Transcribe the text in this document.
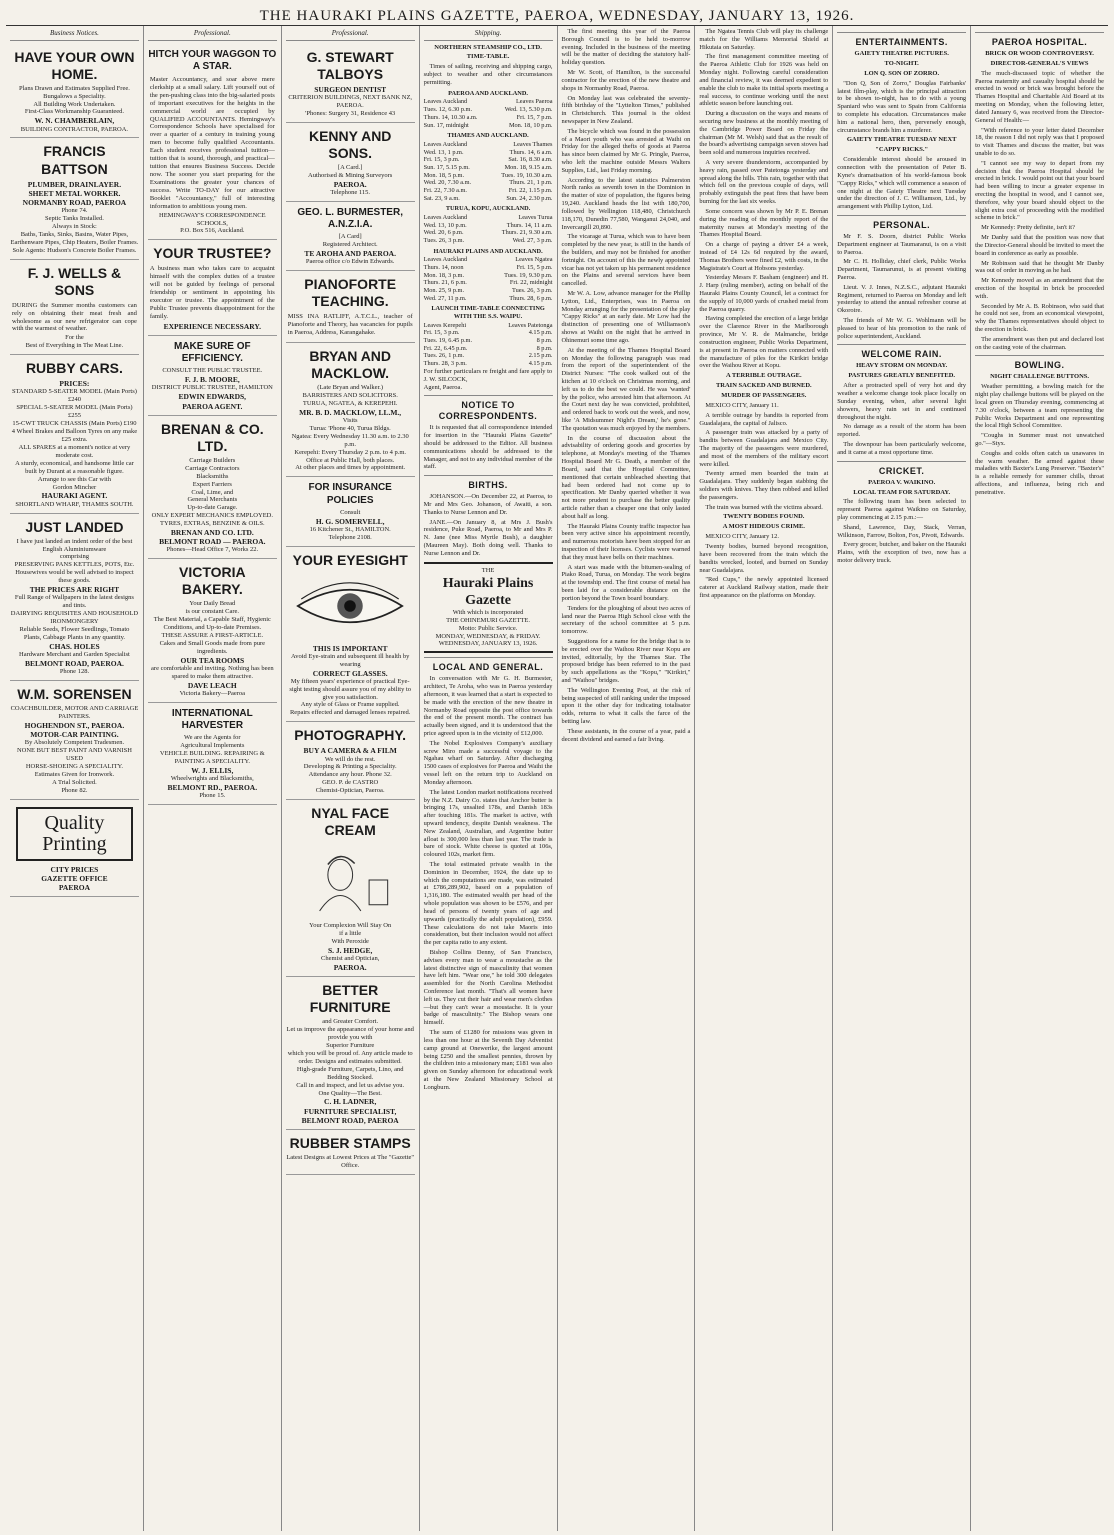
THE HAURAKI PLAINS GAZETTE, PAEROA, WEDNESDAY, JANUARY 13, 1926.
Business Notices.
HAVE YOUR OWN HOME.
Plans Drawn and Estimates Supplied Free.
Bungalows a Speciality.
All Building Work Undertaken.
First-Class Workmanship Guaranteed.
W. N. CHAMBERLAIN,
BUILDING CONTRACTOR, PAEROA.
FRANCIS BATTSON
PLUMBER, DRAINLAYER.
SHEET METAL WORKER.
NORMANBY ROAD, PAEROA
Phone 74.
Septic Tanks Installed.
Always in Stock:
Baths, Tanks, Sinks, Basins, Water Pipes, Earthenware Pipes, Chip Heaters, Boiler Frames.
Sole Agents: Hudson's Concrete Boiler Frames.
F. J. WELLS & SONS
DURING the Summer months customers can rely on obtaining their meat fresh and wholesome as our new refrigerator can cope with the warmest of weather.
For the
Best of Everything in The Meat Line.
RUBBY CARS.
PRICES:
STANDARD 5-SEATER MODEL (Main Ports) £240
SPECIAL 5-SEATER MODEL (Main Ports) £255
15-CWT TRUCK CHASSIS (Main Ports) £190
4 Wheel Brakes and Balloon Tyres on any make £25 extra.
ALL SPARES at a moment's notice at very moderate cost.
A sturdy, economical, and handsome little car built by Durant at a reasonable figure.
Arrange to see this Car with
Gordon Mincher
HAURAKI AGENT.
SHORTLAND WHARF, THAMES SOUTH.
JUST LANDED
I have just landed an indent order of the best
English Aluminiumware
comprising
PRESERVING PANS KETTLES, POTS, Etc.
Housewives would be well advised to inspect these goods.
THE PRICES ARE RIGHT
Full Range of Wallpapers in the latest designs and tints.
DAIRYING REQUISITES AND HOUSEHOLD IRONMONGERY
Reliable Seeds, Flower Seedlings, Tomato Plants, Cabbage Plants in any quantity.
CHAS. HOLES
Hardware Merchant and Garden Specialist
BELMONT ROAD, PAEROA.
Phone 128.
W.M. SORENSEN
COACHBUILDER, MOTOR AND CARRIAGE PAINTERS.
HOGHENDON ST., PAEROA.
MOTOR-CAR PAINTING.
By Absolutely Competent Tradesmen.
NONE BUT BEST PAINT AND VARNISH USED
HORSE-SHOEING A SPECIALITY.
Estimates Given for Ironwork.
A Trial Solicited.
Phone 82.
Quality Printing
CITY PRICES
GAZETTE OFFICE
PAEROA
Professional.
HITCH YOUR WAGGON TO A STAR.
Master Accountancy, and soar above mere clerkship at a small salary. Lift yourself out of the pen-pushing class into the big-salaried posts of important executives for the heights in the commercial world are occupied by QUALIFIED ACCOUNTANTS. Hemingway's Correspondence Schools have specialised for over a quarter of a century in training young men to become fully qualified Accountants. Each student receives professional tuition—tuition that is sound, thorough, and practical—tuition that ensures Business Success. Decide now. The sooner you start preparing for the Examinations the greater your chances of success. Write TO-DAY for our attractive Booklet "Accountancy," full of interesting information to ambitious young men.
HEMINGWAY'S CORRESPONDENCE SCHOOLS,
P.O. Box 516, Auckland.
YOUR TRUSTEE?
A business man who takes care to acquaint himself with the complex duties of a trustee will not be guided by feelings of personal friendship or sentiment in appointing his executor or trustee. The appointment of the Public Trustee prevents disappointment for the family.
EXPERIENCE NECESSARY.
MAKE SURE OF EFFICIENCY.
CONSULT THE PUBLIC TRUSTEE.
F. J. B. MOORE,
DISTRICT PUBLIC TRUSTEE, HAMILTON
EDWIN EDWARDS,
PAEROA AGENT.
BRENAN & CO. LTD.
Carriage Builders
Carriage Contractors
Blacksmiths
Expert Farriers
Coal, Lime, and
General Merchants
Up-to-date Garage.
ONLY EXPERT MECHANICS EMPLOYED.
TYRES, EXTRAS, BENZINE & OILS.
BRENAN AND CO. LTD.
BELMONT ROAD — PAEROA.
Phones—Head Office 7, Works 22.
VICTORIA BAKERY.
Your Daily Bread
is our constant Care.
The Best Material, a Capable Staff, Hygienic Conditions, and Up-to-date Premises.
THESE ASSURE A FIRST-ARTICLE.
Cakes and Small Goods made from pure ingredients.
OUR TEA ROOMS
are comfortable and inviting. Nothing has been spared to make them attractive.
DAVE LEACH
Victoria Bakery—Paeroa
INTERNATIONAL HARVESTER
We are the Agents for
Agricultural Implements
VEHICLE BUILDING. REPAIRING & PAINTING A SPECIALITY.
W. J. ELLIS,
Wheelwrights and Blacksmiths,
BELMONT RD., PAEROA.
Phone 15.
Professional.
G. STEWART TALBOYS
SURGEON DENTIST
CRITERION BUILDINGS, NEXT BANK NZ, PAEROA.
'Phones: Surgery 31, Residence 43
KENNY AND SONS.
[A Card.]
Authorised & Mining Surveyors
PAEROA.
Telephone 115.
GEO. L. BURMESTER, A.N.Z.I.A.
[A Card]
Registered Architect.
TE AROHA AND PAEROA.
Paeroa office c/o Edwin Edwards.
PIANOFORTE TEACHING.
MISS INA RATLIFF, A.T.C.L., teacher of Pianoforte and Theory, has vacancies for pupils in Paeroa, Address, Karangahake.
BRYAN AND MACKLOW.
(Late Bryan and Walker.)
BARRISTERS AND SOLICITORS.
TURUA, NGATEA, & KEREPEHI.
MR. B. D. MACKLOW, LL.M.,
Visits
Turua: 'Phone 40, Turua Bldgs.
Ngatea: Every Wednesday 11.30 a.m. to 2.30 p.m.
Kerepehi: Every Thursday 2 p.m. to 4 p.m.
Office at Public Hall, both places.
At other places and times by appointment.
FOR INSURANCE POLICIES
Consult
H. G. SOMERVELL,
16 Kitchener St., HAMILTON.
Telephone 2108.
YOUR EYESIGHT
THIS IS IMPORTANT
Avoid Eye-strain and subsequent ill health by wearing
CORRECT GLASSES.
My fifteen years' experience of practical Eye-sight testing should assure you of my ability to give you satisfaction.
Any style of Glass or Frame supplied.
Repairs effected and damaged lenses repaired.
PHOTOGRAPHY.
BUY A CAMERA & A FILM
We will do the rest.
Developing & Printing a Speciality.
Attendance any hour. Phone 32.
GEO. P. de CASTRO
Chemist-Optician, Paeroa.
NYAL FACE CREAM
Your Complexion Will Stay On
if a little
With Peroxide
S. J. HEDGE,
Chemist and Optician,
PAEROA.
BETTER FURNITURE
and Greater Comfort.
Let us improve the appearance of your home and provide you with
Superior Furniture
which you will be proud of. Any article made to order. Designs and estimates submitted.
High-grade Furniture, Carpets, Lino, and Bedding Stocked.
Call in and inspect, and let us advise you.
One Quality—The Best.
C. H. LADNER,
FURNITURE SPECIALIST,
BELMONT ROAD, PAEROA
RUBBER STAMPS
Latest Designs at Lowest Prices at The "Gazette" Office.
Shipping.
NORTHERN STEAMSHIP CO., LTD.
TIME-TABLE.
Times of sailing, receiving and shipping cargo, subject to weather and other circumstances permitting.
PAEROA AND AUCKLAND.
Leaves Auckland	Leaves Paeroa
Tues. 12, 6.30 p.m.	Wed. 13, 5.30 p.m.
Thurs. 14, 10.30 a.m.	Fri. 15, 7 p.m.
Sun. 17, midnight	Mon. 18, 10 p.m.
THAMES AND AUCKLAND.
Leaves Auckland	Leaves Thames
Wed. 13, 1 p.m.	Thurs. 14, 6 a.m.
Fri. 15, 3 p.m.	Sat. 16, 8.30 a.m.
Sun. 17, 5.15 p.m.	Mon. 18, 9.15 a.m.
Mon. 18, 5 p.m.	Tues. 19, 10.30 a.m.
Wed. 20, 7.30 a.m.	Thurs. 21, 1 p.m.
Fri. 22, 7.30 a.m.	Fri. 22, 1.15 p.m.
Sat. 23, 9 a.m.	Sun. 24, 2.30 p.m.
TURUA, KOPU, AUCKLAND.
Leaves Auckland	Leaves Turua
Wed. 13, 10 p.m.	Thurs. 14, 11 a.m.
Wed. 20, 6 p.m.	Thurs. 21, 9.30 a.m.
Tues. 26, 3 p.m.	Wed. 27, 3 p.m.
HAURAKI PLAINS AND AUCKLAND.
Leaves Auckland	Leaves Ngatea
Thurs. 14, noon	Fri. 15, 5 p.m.
Mon. 18, 3 p.m.	Tues. 19, 9.30 p.m.
Thurs. 21, 6 p.m.	Fri. 22, midnight
Mon. 25, 9 p.m.	Tues. 26, 3 p.m.
Wed. 27, 11 p.m.	Thurs. 28, 6 p.m.
LAUNCH TIME-TABLE CONNECTING WITH THE S.S. WAIPU.
Leaves Kerepehi	Leaves Patetonga
Fri. 15, 3 p.m.	4.15 p.m.
Tues. 19, 6.45 p.m.	8 p.m.
Fri. 22, 6.45 p.m.	8 p.m.
Tues. 26, 1 p.m.	2.15 p.m.
Thurs. 28, 3 p.m.	4.15 p.m.
For further particulars re freight and fare apply to
J. W. SILCOCK,
Agent, Paeroa.
NOTICE TO CORRESPONDENTS.
It is requested that all correspondence intended for insertion in the "Hauraki Plains Gazette" should be addressed to the Editor. All business communications should be addressed to the Manager, and not to any individual member of the staff.
BIRTHS.
JOHANSON.—On December 22, at Paeroa, to Mr and Mrs Geo. Johanson, of Awaiti, a son. Thanks to Nurse Lennon and Dr.
JANE.—On January 8, at Mrs J. Bush's residence, Puke Road, Paeroa, to Mr and Mrs P. N. Jane (nee Miss Myrtle Bush), a daughter (Maureen May). Both doing well. Thanks to Nurse Lennon and Dr.
THE
Hauraki Plains Gazette
With which is incorporated
THE OHINEMURI GAZETTE.
Motto: Public Service.
MONDAY, WEDNESDAY, & FRIDAY.
WEDNESDAY, JANUARY 13, 1926.
LOCAL AND GENERAL.
In conversation with Mr G. H. Burmester, architect, Te Aroha, who was in Paeroa yesterday afternoon, it was learned that a start is expected to be made with the erection of the new theatre in Normanby Road opposite the post office towards the end of the present month. The contract has actually been signed, and it is understood that the price agreed upon is in the vicinity of £12,000.
The Nobel Explosives Company's auxiliary screw Miro made a successful voyage to the Ngahau wharf on Saturday. After discharging 1500 cases of explosives for Paeroa and Waihi the vessel left on the return trip to Auckland on Monday afternoon.
The latest London market notifications received by the N.Z. Dairy Co. states that Anchor butter is bringing 17s, unsalted 178s, and Danish 183s after touching 181s. The market is active, with upward tendency, despite Danish weakness. The New Zealand, Australian, and Argentine butter afloat is 300,000 less than last year. The trade is bare of stock. White cheese is quoted at 106s, coloured 102s, market firm.
The total estimated private wealth in the Dominion in December, 1924, the date up to which the computations are made, was estimated at £786,289,902, based on a population of 1,316,180. The estimated wealth per head of the whole population was shown to be £576, and per head of persons of twenty years of age and upwards (practically the adult population), £959. These calculations do not take Maoris into consideration, but their inclusion would not affect the per capita ratio to any extent.
Bishop Collins Denny, of San Francisco, advises every man to wear a moustache as the latest distinctive sign of masculinity that women have left him. "Wear one," he told 300 delegates assembled for the North Carolina Methodist Conference last month. "That's all women have left us. They cut their hair and wear men's clothes—but they can't wear a moustache. It is your badge of masculinity." The Bishop wears one himself.
The sum of £1280 for missions was given in less than one hour at the Seventh Day Adventist camp ground at Onewerike, the largest amount being £250 and the smallest pennies, thrown by the children into a missionary man; £181 was also given on Sunday afternoon for educational work at the New Zealand Missionary School at Longburn.
The first meeting this year of the Paeroa Borough Council is to be held to-morrow evening. Included in the business of the meeting will be the matter of deciding the statutory half-holiday question.
Mr W. Scott, of Hamilton, is the successful contractor for the erection of the new theatre and shops in Normanby Road, Paeroa.
On Monday last was celebrated the seventy-fifth birthday of the "Lyttelton Times," published in Christchurch. This journal is the oldest newspaper in New Zealand.
The bicycle which was found in the possession of a Maori youth who was arrested at Waihi on Friday for the alleged thefts of goods at Paeroa has since been claimed by Mr G. Pringle, Paeroa, who left the machine outside Messrs Walters Supplies, Ltd., last Friday morning.
According to the latest statistics Palmerston North ranks as seventh town in the Dominion in the matter of size of population, the figures being 19,240. Auckland heads the list with 180,700, followed by Wellington 118,480, Christchurch 118,170, Dunedin 77,580, Wanganui 24,040, and Invercargill 20,890.
The vicarage at Turua, which was to have been completed by the new year, is still in the hands of the builders, and may not be finished for another fortnight. On account of this the newly appointed vicar has not yet taken up his permanent residence on the Plains and several services have been cancelled.
Mr W. A. Low, advance manager for the Phillip Lytton, Ltd., Enterprises, was in Paeroa on Monday arranging for the presentation of the play "Cappy Ricks" at an early date. Mr Low had the distinction of presenting one of Williamson's shows at Waihi on the night that he arrived in Ohinemuri some time ago.
At the meeting of the Thames Hospital Board on Monday the following paragraph was read from the report of the superintendent of the District Nurses: "The cook walked out of the kitchen at 10 o'clock on Christmas morning, and left us to do the best we could. He was 'wanted' by the police, who arrested him that afternoon. At the Court next day he was convicted, prohibited, and ordered back to work out the week, and now, like 'A Midsummer Night's Dream,' he's gone." The quotation was much enjoyed by the members.
In the course of discussion about the advisability of ordering goods and groceries by telephone, at Monday's meeting of the Thames Hospital Board Mr G. Death, a member of the Board, said that the Hospital Committee, mentioned that certain unbleached sheeting that had been ordered had not come up to specification. Mr Danby queried whether it was not more prudent to purchase the better quality article rather than a cheaper one that only lasted about half as long.
The Hauraki Plains County traffic inspector has been very active since his appointment recently, and numerous motorists have been stopped for an inspection of their licenses. Cyclists were warned that they must have bells on their machines.
A start was made with the bitumen-sealing of Piako Road, Turua, on Monday. The work begins at the township end. The first course of metal has been laid for a considerable distance on the portion beyond the Town board boundary.
Tenders for the ploughing of about two acres of land near the Paeroa High School close with the secretary of the school committee at 5 p.m. tomorrow.
Suggestions for a name for the bridge that is to be erected over the Waihou River near Kopu are invited, editorially, by the Thames Star. The proposed bridge has been referred to in the past by such appellations as the "Kopu," "Kirikiri," and "Waihou" bridges.
The Wellington Evening Post, at the risk of being suspected of still ranking under the imposed upon it the other day for indicating totalisator odds, returns to what it calls the farce of the betting law.
These assistants, in the course of a year, paid a decent dividend and earned a fair living.
The Ngatea Tennis Club will play its challenge match for the Williams Memorial Shield at Hikutaia on Saturday.
The first management committee meeting of the Paeroa Athletic Club for 1926 was held on Monday night. Following careful consideration and financial review, it was deemed expedient to enable the club to make its initial sports meeting a real success, to continue working until the next athletic season before launching out.
During a discussion on the ways and means of securing new business at the monthly meeting of the Cambridge Power Board on Friday the chairman (Mr M. Welsh) said that as the result of the board's advertising campaign seven stoves had been sold and numerous inquiries received.
A very severe thunderstorm, accompanied by heavy rain, passed over Patetonga yesterday and spread along the hills. This rain, together with that which fell on the previous couple of days, will probably extinguish the peat fires that have been burning for the last six weeks.
Some concern was shown by Mr P. E. Brenan during the reading of the monthly report of the maternity nurses at Monday's meeting of the Thames Hospital Board.
On a charge of paying a driver £4 a week, instead of £4 12s 6d required by the award, Thomas Brothers were fined £2, with costs, in the Magistrate's Court at Hobsons yesterday.
Yesterday Messrs F. Basham (engineer) and H. J. Harp (ruling member), acting on behalf of the Hauraki Plains County Council, let a contract for the supply of 10,000 yards of crushed metal from the Paeroa quarry.
Having completed the erection of a large bridge over the Clarence River in the Marlborough province, Mr V. R. de Malmanche, bridge construction engineer, Public Works Department, is at present in Paeroa on matters connected with the manufacture of piles for the Kirikiri bridge over the Waihou River at Kopu.
A TERRIBLE OUTRAGE.
TRAIN SACKED AND BURNED.
MURDER OF PASSENGERS.
MEXICO CITY, January 11.
A terrible outrage by bandits is reported from Guadalajara, the capital of Jalisco.
A passenger train was attacked by a party of bandits between Guadalajara and Mexico City. The majority of the passengers were murdered, and most of the members of the military escort were killed.
Twenty armed men boarded the train at Guadalajara. They suddenly began stabbing the soldiers with knives. They then robbed and killed the passengers.
The train was burned with the victims aboard.
TWENTY BODIES FOUND.
A MOST HIDEOUS CRIME.
MEXICO CITY, January 12.
Twenty bodies, burned beyond recognition, have been recovered from the train which the bandits wrecked, looted, and burned on Sunday near Guadalajara.
"Red Cups," the newly appointed licensed caterer at Auckland Railway station, made their first appearance on the platforms on Monday.
ENTERTAINMENTS.
GAIETY THEATRE PICTURES.
TO-NIGHT.
LON Q. SON OF ZORRO.
"Don Q, Son of Zorro," Douglas Fairbanks' latest film-play, which is the principal attraction to be shown to-night, has to do with a young Spaniard who was sent to Spain from California to complete his education. Circumstances make him a national hero, then, perversely enough, circumstance brands him a murderer.
GAIETY THEATRE TUESDAY NEXT
"CAPPY RICKS."
Considerable interest should be aroused in connection with the presentation of Peter B. Kyne's dramatisation of his world-famous book "Cappy Ricks," which will commence a season of one night at the Gaiety Theatre next Tuesday under the direction of J. C. Williamson, Ltd., by arrangement with Phillip Lytton, Ltd.
PERSONAL.
Mr F. S. Doorn, district Public Works Department engineer at Taumaranui, is on a visit to Paeroa.
Mr C. H. Holliday, chief clerk, Public Works Department, Taumarunui, is at present visiting Paeroa.
Lieut. V. J. Innes, N.Z.S.C., adjutant Hauraki Regiment, returned to Paeroa on Monday and left yesterday to attend the annual refresher course at Okoroire.
The friends of Mr W. G. Wohlmann will be pleased to hear of his promotion to the rank of police superintendent, Auckland.
WELCOME RAIN.
HEAVY STORM ON MONDAY.
PASTURES GREATLY BENEFITED.
After a protracted spell of very hot and dry weather a welcome change took place locally on Sunday evening, when, after several light showers, heavy rain set in and continued throughout the night.
No damage as a result of the storm has been reported.
The downpour has been particularly welcome, and it came at a most opportune time.
CRICKET.
PAEROA V. WAIKINO.
LOCAL TEAM FOR SATURDAY.
The following team has been selected to represent Paeroa against Waikino on Saturday, play commencing at 2.15 p.m.:—
Shand, Lawrence, Day, Stack, Verran, Wilkinson, Farrow, Bolton, Fox, Pivott, Edwards.
Every grocer, butcher, and baker on the Hauraki Plains, with the exception of two, now has a motor delivery truck.
PAEROA HOSPITAL.
BRICK OR WOOD CONTROVERSY.
DIRECTOR-GENERAL'S VIEWS
The much-discussed topic of whether the Paeroa maternity and casualty hospital should be erected in wood or brick was brought before the Thames Hospital and Charitable Aid Board at its meeting on Monday, when the following letter, dated January 6, was received from the Director-General of Health:—
"With reference to your letter dated December 18, the reason I did not reply was that I proposed to visit Thames and discuss the matter, but was unable to do so.
"I cannot see my way to depart from my decision that the Paeroa Hospital should be erected in brick. I would point out that your board had been willing to incur a greater expense in erecting the hospital in wood, and I cannot see, therefore, why your board should object to the slight extra cost of proceeding with the modified scheme in brick."
Mr Kennedy: Pretty definite, isn't it?
Mr Danby said that the position was now that the Director-General should be invited to meet the board in conference as early as possible.
Mr Robinson said that he thought Mr Danby was out of order in moving as he had.
Mr Kennedy moved as an amendment that the erection of the hospital in brick be proceeded with.
Seconded by Mr A. B. Robinson, who said that he could not see, from an economical viewpoint, why the Thames representatives should object to the erection in brick.
The amendment was then put and declared lost on the casting vote of the chairman.
BOWLING.
NIGHT CHALLENGE BUTTONS.
Weather permitting, a bowling match for the night play challenge buttons will be played on the local green on Thursday evening, commencing at 7.30 o'clock, between a team representing the Public Works Department and one representing the local High School Committee.
"Coughs in Summer must not unwatched go."—Styx.
Coughs and colds often catch us unawares in the warm weather. Be armed against these maladies with Baxter's Lung Preserver. "Baxter's" is a reliable remedy for summer chills, throat affections, and influenza, being rich and penetrative.
